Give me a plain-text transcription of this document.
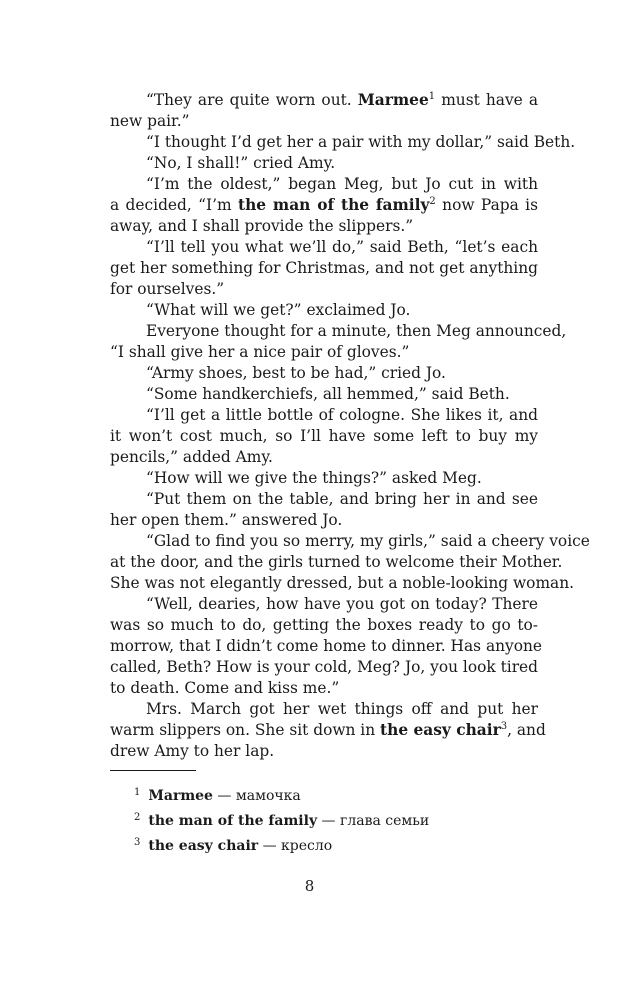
“They are quite worn out. Marmee$^1$ must have a
new pair.”
“I thought I’d get her a pair with my dollar,” said Beth.
“No, I shall!” cried Amy.
“I’m the oldest,” began Meg, but Jo cut in with
a decided, “I’m the man of the family$^2$ now Papa is
away, and I shall provide the slippers.”
“I’ll tell you what we’ll do,” said Beth, “let’s each
get her something for Christmas, and not get anything
for ourselves.”
“What will we get?” exclaimed Jo.
Everyone thought for a minute, then Meg announced,
“I shall give her a nice pair of gloves.”
“Army shoes, best to be had,” cried Jo.
“Some handkerchiefs, all hemmed,” said Beth.
“I’ll get a little bottle of cologne. She likes it, and
it won’t cost much, so I’ll have some left to buy my
pencils,” added Amy.
“How will we give the things?” asked Meg.
“Put them on the table, and bring her in and see
her open them.” answered Jo.
“Glad to find you so merry, my girls,” said a cheery voice
at the door, and the girls turned to welcome their Mother.
She was not elegantly dressed, but a noble-looking woman.
“Well, dearies, how have you got on today? There
was so much to do, getting the boxes ready to go to-
morrow, that I didn’t come home to dinner. Has anyone
called, Beth? How is your cold, Meg? Jo, you look tired
to death. Come and kiss me.”
Mrs. March got her wet things off and put her
warm slippers on. She sit down in the easy chair$^3$, and
drew Amy to her lap.
$^1$ Marmee — мамочка
$^2$ the man of the family — глава семьи
$^3$ the easy chair — кресло
8
